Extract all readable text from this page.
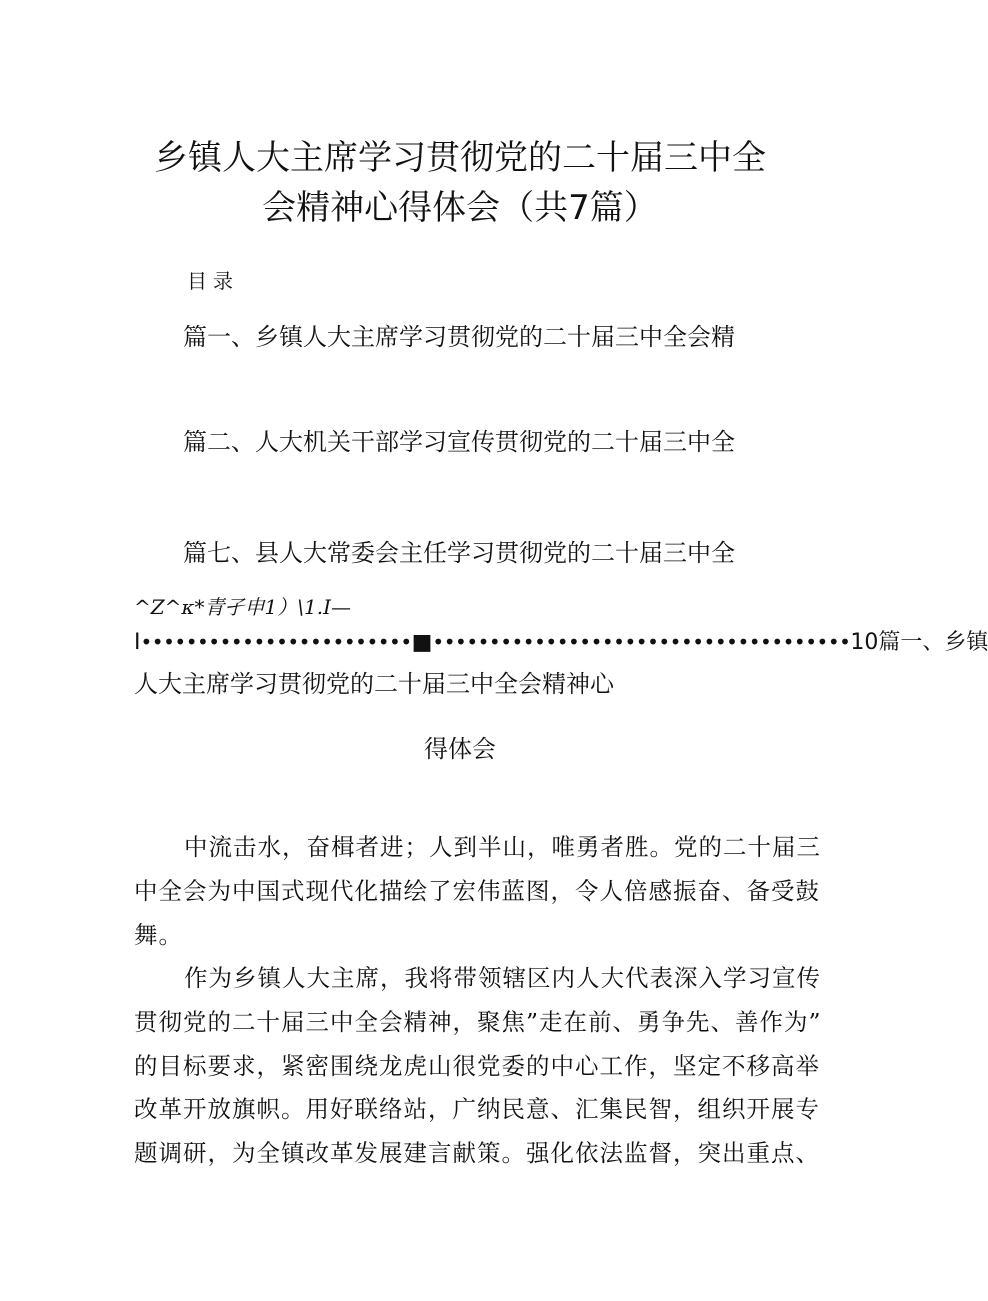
乡镇人大主席学习贯彻党的二十届三中全
会精神心得体会（共7篇）
目录
篇一、乡镇人大主席学习贯彻党的二十届三中全会精
篇二、人大机关干部学习宣传贯彻党的二十届三中全
篇七、县人大常委会主任学习贯彻党的二十届三中全
^Z^κ*青孑申1）\1.I—
I••••••••••••••••••••••••■•••••••••••••••••••••••••••••••••••••10篇一、乡镇
人大主席学习贯彻党的二十届三中全会精神心
得体会
中流击水，奋楫者进；人到半山，唯勇者胜。党的二十届三
中全会为中国式现代化描绘了宏伟蓝图，令人倍感振奋、备受鼓
舞。
作为乡镇人大主席，我将带领辖区内人大代表深入学习宣传
贯彻党的二十届三中全会精神，聚焦”走在前、勇争先、善作为”
的目标要求，紧密围绕龙虎山很党委的中心工作，坚定不移高举
改革开放旗帜。用好联络站，广纳民意、汇集民智，组织开展专
题调研，为全镇改革发展建言献策。强化依法监督，突出重点、
